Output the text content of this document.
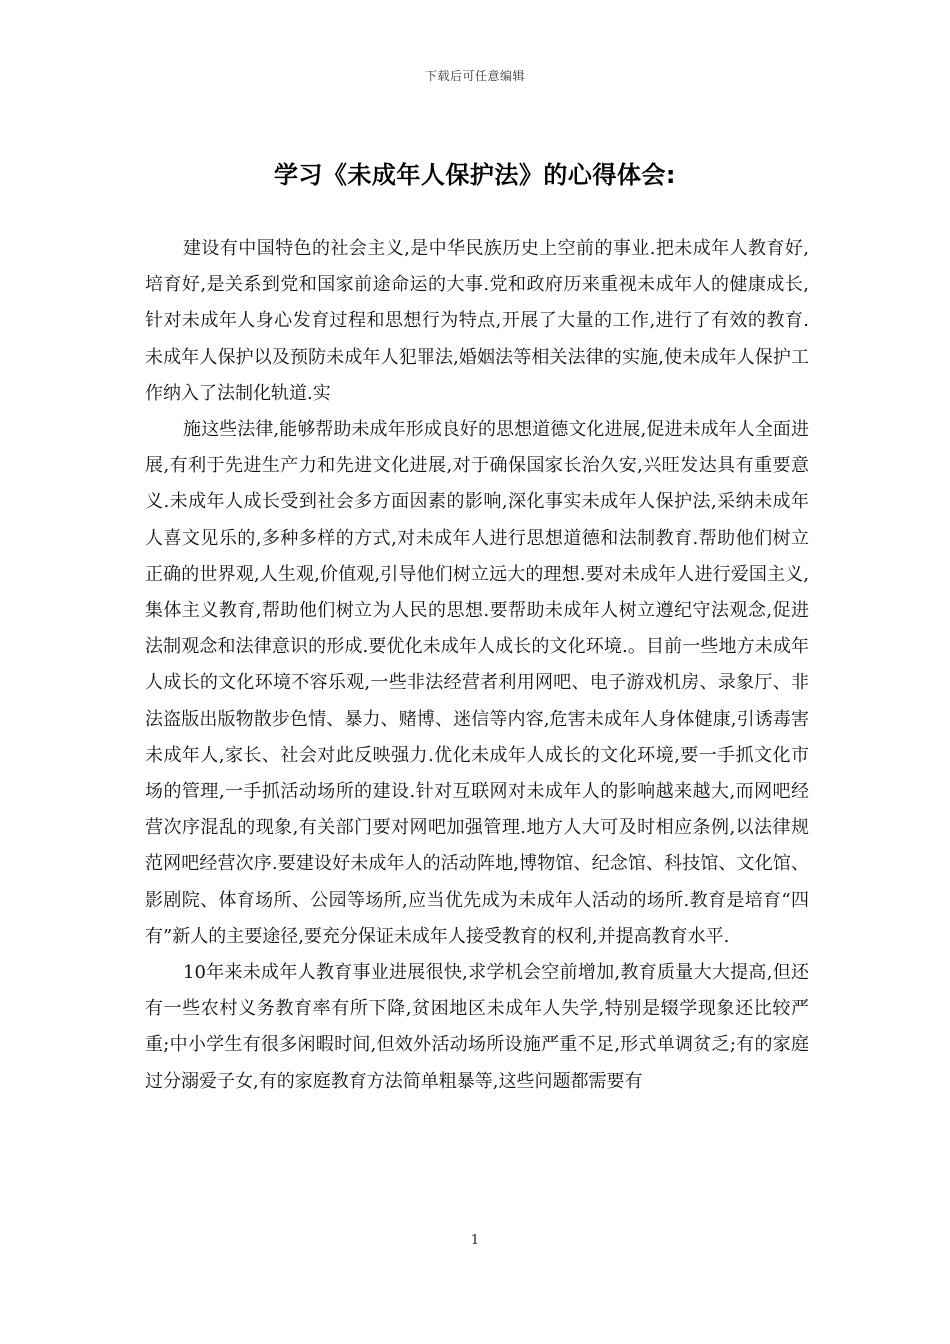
下载后可任意编辑
学习《未成年人保护法》的心得体会:

建设有中国特色的社会主义,是中华民族历史上空前的事业.把未成年人教育好,培育好,是关系到党和国家前途命运的大事.党和政府历来重视未成年人的健康成长,针对未成年人身心发育过程和思想行为特点,开展了大量的工作,进行了有效的教育.未成年人保护以及预防未成年人犯罪法,婚姻法等相关法律的实施,使未成年人保护工作纳入了法制化轨道.实

施这些法律,能够帮助未成年形成良好的思想道德文化进展,促进未成年人全面进展,有利于先进生产力和先进文化进展,对于确保国家长治久安,兴旺发达具有重要意义.未成年人成长受到社会多方面因素的影响,深化事实未成年人保护法,采纳未成年人喜文见乐的,多种多样的方式,对未成年人进行思想道德和法制教育.帮助他们树立正确的世界观,人生观,价值观,引导他们树立远大的理想.要对未成年人进行爱国主义,集体主义教育,帮助他们树立为人民的思想.要帮助未成年人树立遵纪守法观念,促进法制观念和法律意识的形成.要优化未成年人成长的文化环境.。目前一些地方未成年人成长的文化环境不容乐观,一些非法经营者利用网吧、电子游戏机房、录象厅、非法盗版出版物散步色情、暴力、赌博、迷信等内容,危害未成年人身体健康,引诱毒害未成年人,家长、社会对此反映强力.优化未成年人成长的文化环境,要一手抓文化市场的管理,一手抓活动场所的建设.针对互联网对未成年人的影响越来越大,而网吧经营次序混乱的现象,有关部门要对网吧加强管理.地方人大可及时相应条例,以法律规范网吧经营次序.要建设好未成年人的活动阵地,博物馆、纪念馆、科技馆、文化馆、影剧院、体育场所、公园等场所,应当优先成为未成年人活动的场所.教育是培育“四有”新人的主要途径,要充分保证未成年人接受教育的权利,并提高教育水平.

10年来未成年人教育事业进展很快,求学机会空前增加,教育质量大大提高,但还有一些农村义务教育率有所下降,贫困地区未成年人失学,特别是辍学现象还比较严重;中小学生有很多闲暇时间,但效外活动场所设施严重不足,形式单调贫乏;有的家庭过分溺爱子女,有的家庭教育方法简单粗暴等,这些问题都需要有

1
